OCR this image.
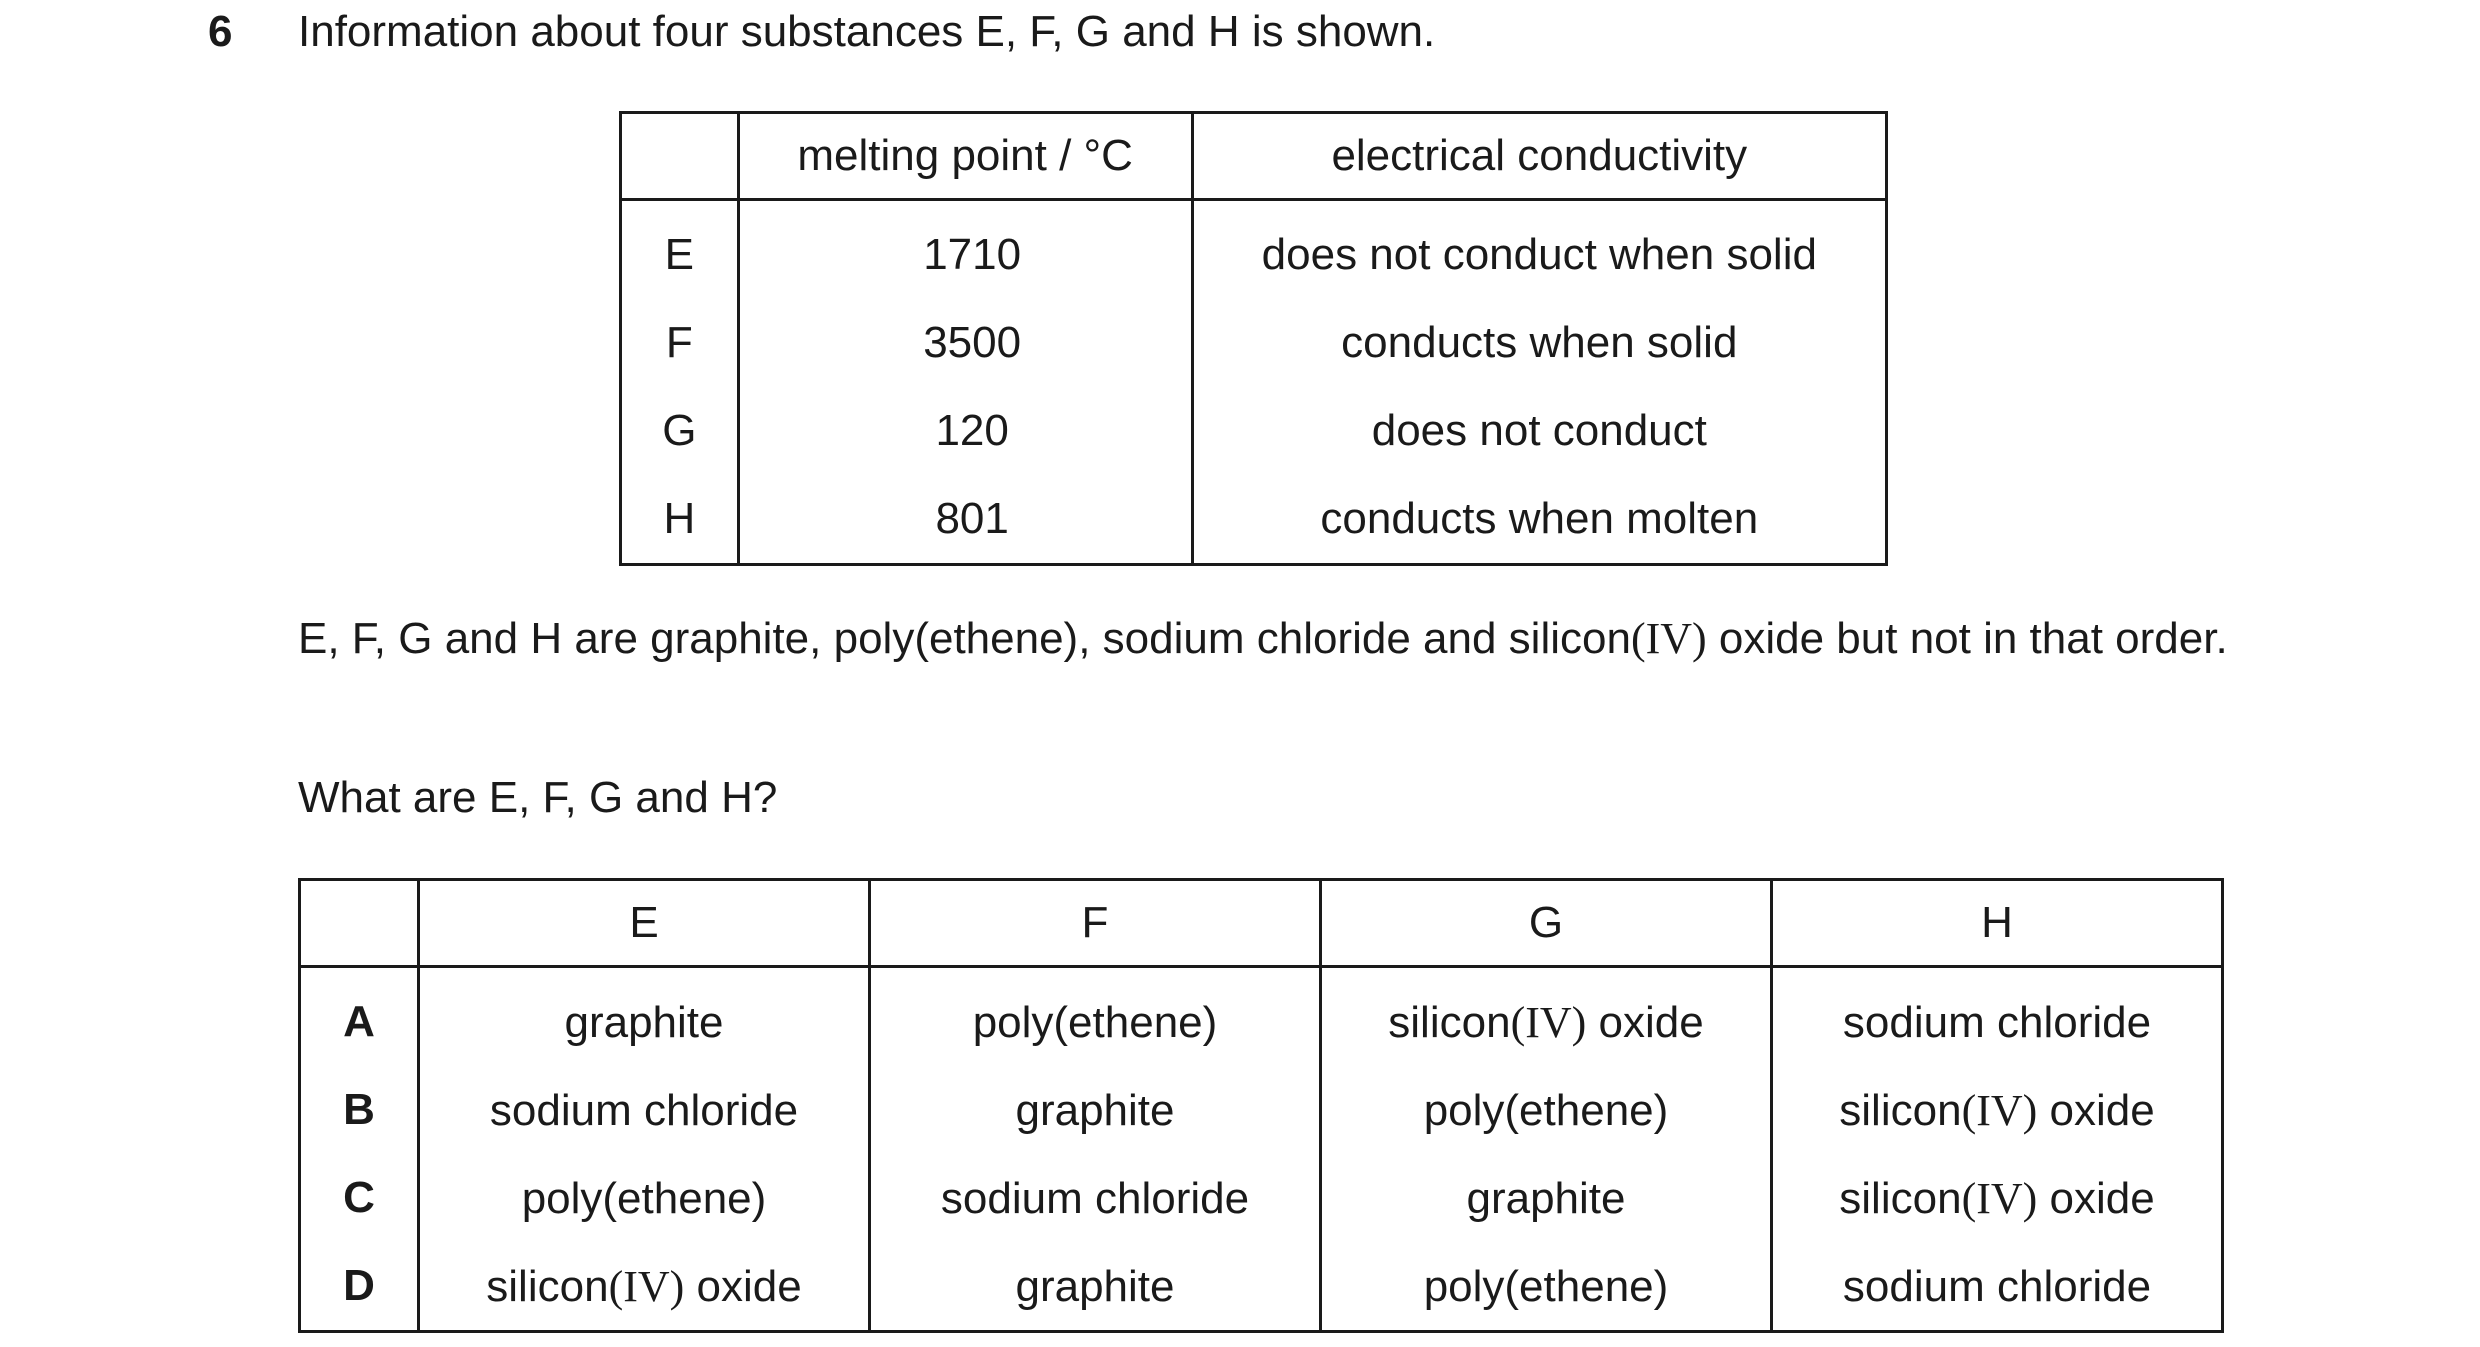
6 Information about four substances E, F, G and H is shown.
	melting point / °C	electrical conductivity
E	1710	does not conduct when solid
F	3500	conducts when solid
G	120	does not conduct
H	801	conducts when molten
E, F, G and H are graphite, poly(ethene), sodium chloride and silicon(IV) oxide but not in that order.
What are E, F, G and H?
	E	F	G	H
A	graphite	poly(ethene)	silicon(IV) oxide	sodium chloride
B	sodium chloride	graphite	poly(ethene)	silicon(IV) oxide
C	poly(ethene)	sodium chloride	graphite	silicon(IV) oxide
D	silicon(IV) oxide	graphite	poly(ethene)	sodium chloride
